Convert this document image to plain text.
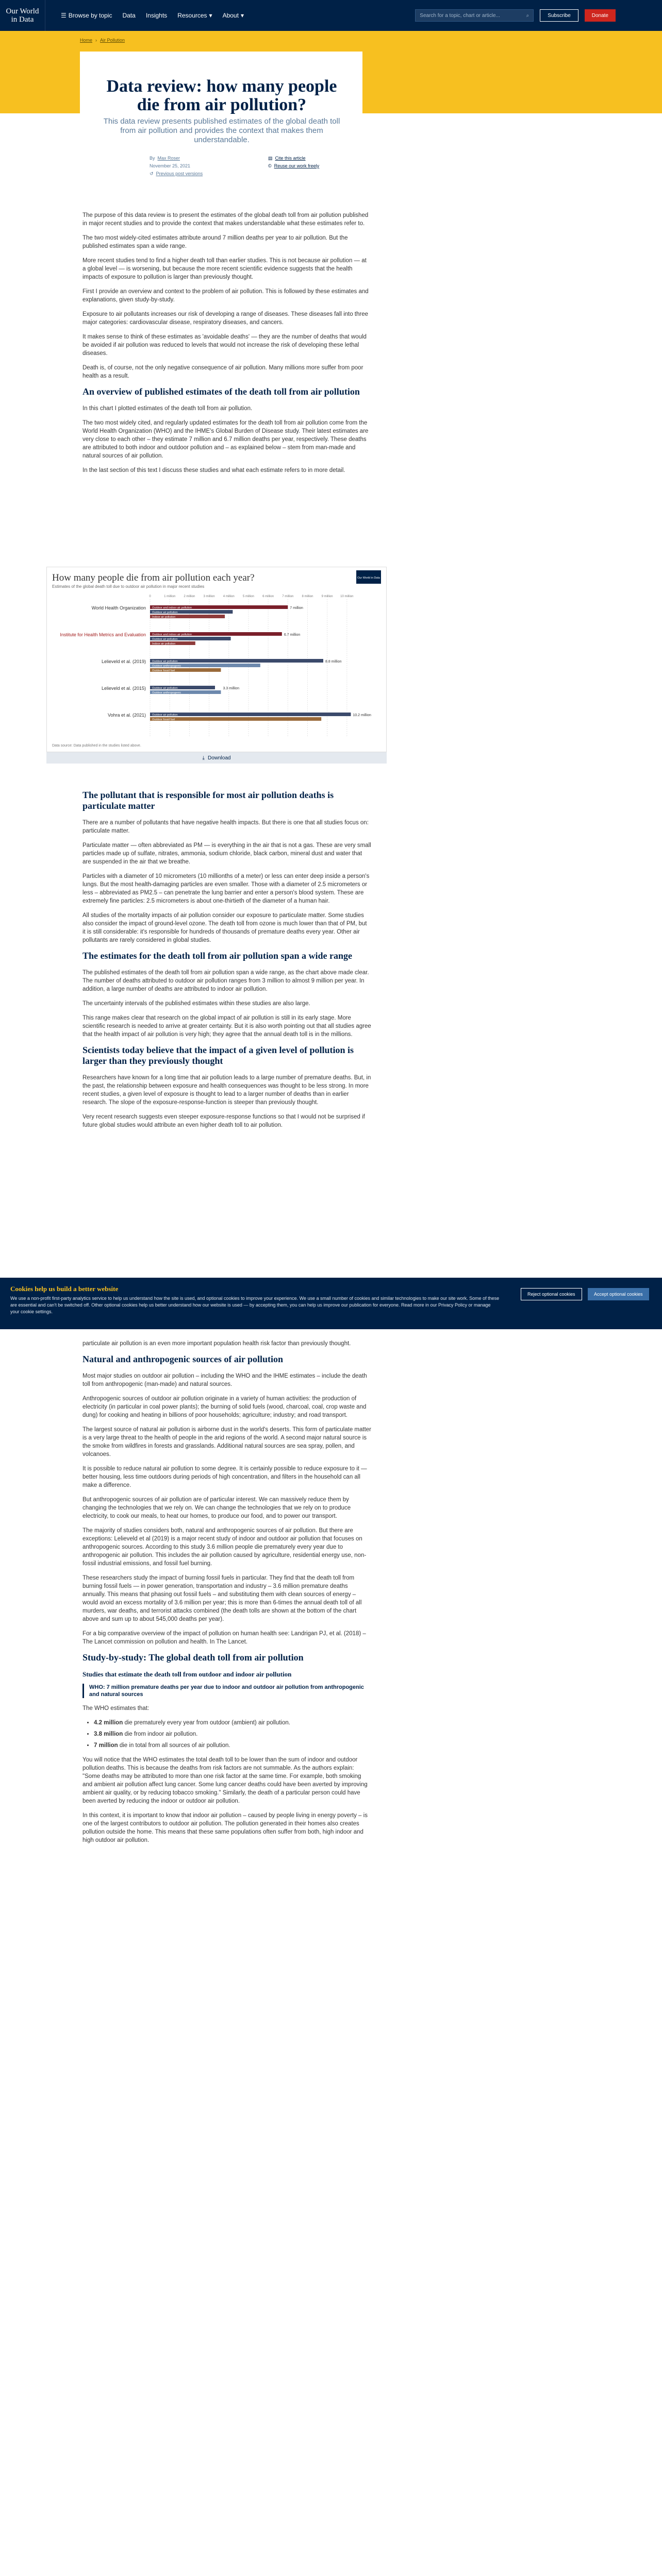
Our World
in Data	☰ Browse by topic Data Insights Resources ▾ About ▾	Search for a topic, chart or article...	⌕	Subscribe	Donate
Home › Air Pollution
Data review: how many people die from air pollution?
This data review presents published estimates of the global death toll from air pollution and provides the context that makes them understandable.
By Max Roser
November 25, 2021
↺ Previous post versions
▤ Cite this article
© Reuse our work freely

The purpose of this data review is to present the estimates of the global death toll from air pollution published in major recent studies and to provide the context that makes understandable what these estimates refer to.

The two most widely-cited estimates attribute around 7 million deaths per year to air pollution. But the published estimates span a wide range.

More recent studies tend to find a higher death toll than earlier studies. This is not because air pollution — at a global level — is worsening, but because the more recent scientific evidence suggests that the health impacts of exposure to pollution is larger than previously thought.

First I provide an overview and context to the problem of air pollution. This is followed by these estimates and explanations, given study-by-study.

Exposure to air pollutants increases our risk of developing a range of diseases. These diseases fall into three major categories: cardiovascular disease, respiratory diseases, and cancers.

It makes sense to think of these estimates as 'avoidable deaths' — they are the number of deaths that would be avoided if air pollution was reduced to levels that would not increase the risk of developing these lethal diseases.

Death is, of course, not the only negative consequence of air pollution. Many millions more suffer from poor health as a result.

An overview of published estimates of the death toll from air pollution

In this chart I plotted estimates of the death toll from air pollution.

The two most widely cited, and regularly updated estimates for the death toll from air pollution come from the World Health Organization (WHO) and the IHME's Global Burden of Disease study. Their latest estimates are very close to each other – they estimate 7 million and 6.7 million deaths per year, respectively. These deaths are attributed to both indoor and outdoor pollution and – as explained below – stem from man-made and natural sources of air pollution.

In the last section of this text I discuss these studies and what each estimate refers to in more detail.

How many people die from air pollution each year?
Estimates of the global death toll due to outdoor air pollution in major recent studies
Our World in Data
0	1 million	2 million	3 million	4 million	5 million	6 million	7 million	8 million	9 million 10 million
Outdoor and indoor air pollution
Outdoor air pollution
Indoor air pollution
7 million
Outdoor and indoor air pollution
Outdoor air pollution
Indoor air pollution
6.7 million
Outdoor air pollution
Outdoor anthropogenic
Outdoor fossil fuel
8.8 million
Outdoor air pollution
Outdoor anthropogenic
3.3 million
Outdoor air pollution
Outdoor fossil fuel
10.2 million
World Health Organization
Institute for Health Metrics and Evaluation
Lelieveld et al. (2019)
Lelieveld et al. (2015)
Vohra et al. (2021)
Data source: Data published in the studies listed above.
⤓ Download
The pollutant that is responsible for most air pollution deaths is particulate matter

There are a number of pollutants that have negative health impacts. But there is one that all studies focus on: particulate matter.

Particulate matter — often abbreviated as PM — is everything in the air that is not a gas. These are very small particles made up of sulfate, nitrates, ammonia, sodium chloride, black carbon, mineral dust and water that are suspended in the air that we breathe.

Particles with a diameter of 10 micrometers (10 millionths of a meter) or less can enter deep inside a person's lungs. But the most health-damaging particles are even smaller. Those with a diameter of 2.5 micrometers or less – abbreviated as PM2.5 – can penetrate the lung barrier and enter a person's blood system. These are extremely fine particles: 2.5 micrometers is about one-thirtieth of the diameter of a human hair.

All studies of the mortality impacts of air pollution consider our exposure to particulate matter. Some studies also consider the impact of ground-level ozone. The death toll from ozone is much lower than that of PM, but it is still considerable: it's responsible for hundreds of thousands of premature deaths every year. Other air pollutants are rarely considered in global studies.

The estimates for the death toll from air pollution span a wide range

The published estimates of the death toll from air pollution span a wide range, as the chart above made clear. The number of deaths attributed to outdoor air pollution ranges from 3 million to almost 9 million per year. In addition, a large number of deaths are attributed to indoor air pollution.

The uncertainty intervals of the published estimates within these studies are also large.

This range makes clear that research on the global impact of air pollution is still in its early stage. More scientific research is needed to arrive at greater certainty. But it is also worth pointing out that all studies agree that the health impact of air pollution is very high; they agree that the annual death toll is in the millions.

Scientists today believe that the impact of a given level of pollution is larger than they previously thought

Researchers have known for a long time that air pollution leads to a large number of premature deaths. But, in the past, the relationship between exposure and health consequences was thought to be less strong. In more recent studies, a given level of exposure is thought to lead to a larger number of deaths than in earlier research. The slope of the exposure-response-function is steeper than previously thought.

Very recent research suggests even steeper exposure-response functions so that I would not be surprised if future global studies would attribute an even higher death toll to air pollution.

particulate air pollution is an even more important population health risk factor than previously thought.

Natural and anthropogenic sources of air pollution

Most major studies on outdoor air pollution – including the WHO and the IHME estimates – include the death toll from anthropogenic (man-made) and natural sources.

Anthropogenic sources of outdoor air pollution originate in a variety of human activities: the production of electricity (in particular in coal power plants); the burning of solid fuels (wood, charcoal, coal, crop waste and dung) for cooking and heating in billions of poor households; agriculture; industry; and road transport.

The largest source of natural air pollution is airborne dust in the world's deserts. This form of particulate matter is a very large threat to the health of people in the arid regions of the world. A second major natural source is the smoke from wildfires in forests and grasslands. Additional natural sources are sea spray, pollen, and volcanoes.

It is possible to reduce natural air pollution to some degree. It is certainly possible to reduce exposure to it — better housing, less time outdoors during periods of high concentration, and filters in the household can all make a difference.

But anthropogenic sources of air pollution are of particular interest. We can massively reduce them by changing the technologies that we rely on. We can change the technologies that we rely on to produce electricity, to cook our meals, to heat our homes, to produce our food, and to power our transport.

The majority of studies considers both, natural and anthropogenic sources of air pollution. But there are exceptions: Lelieveld et al (2019) is a major recent study of indoor and outdoor air pollution that focuses on anthropogenic sources. According to this study 3.6 million people die prematurely every year due to anthropogenic air pollution. This includes the air pollution caused by agriculture, residential energy use, non-fossil industrial emissions, and fossil fuel burning.

These researchers study the impact of burning fossil fuels in particular. They find that the death toll from burning fossil fuels — in power generation, transportation and industry – 3.6 million premature deaths annually. This means that phasing out fossil fuels – and substituting them with clean sources of energy – would avoid an excess mortality of 3.6 million per year; this is more than 6-times the annual death toll of all murders, war deaths, and terrorist attacks combined (the death tolls are shown at the bottom of the chart above and sum up to about 545,000 deaths per year).

For a big comparative overview of the impact of pollution on human health see: Landrigan PJ, et al. (2018) – The Lancet commission on pollution and health. In The Lancet.

Study-by-study: The global death toll from air pollution
Studies that estimate the death toll from outdoor and indoor air pollution
WHO: 7 million premature deaths per year due to indoor and outdoor air pollution from anthropogenic and natural sources

The WHO estimates that:

• 4.2 million die prematurely every year from outdoor (ambient) air pollution.
• 3.8 million die from indoor air pollution.
• 7 million die in total from all sources of air pollution.

You will notice that the WHO estimates the total death toll to be lower than the sum of indoor and outdoor pollution deaths. This is because the deaths from risk factors are not summable. As the authors explain: "Some deaths may be attributed to more than one risk factor at the same time. For example, both smoking and ambient air pollution affect lung cancer. Some lung cancer deaths could have been averted by improving ambient air quality, or by reducing tobacco smoking." Similarly, the death of a particular person could have been averted by reducing the indoor or outdoor air pollution.

In this context, it is important to know that indoor air pollution – caused by people living in energy poverty – is one of the largest contributors to outdoor air pollution. The pollution generated in their homes also creates pollution outside the home. This means that these same populations often suffer from both, high indoor and high outdoor air pollution.

Cookies help us build a better website
We use a non-profit first-party analytics service to help us understand how the site is used, and optional cookies to improve your experience. We use a small number of cookies and similar technologies to make our site work. Some of these are essential and can't be switched off. Other optional cookies help us better understand how our website is used — by accepting them, you can help us improve our publication for everyone. Read more in our Privacy Policy or manage your cookie settings.
Reject optional cookies	Accept optional cookies
